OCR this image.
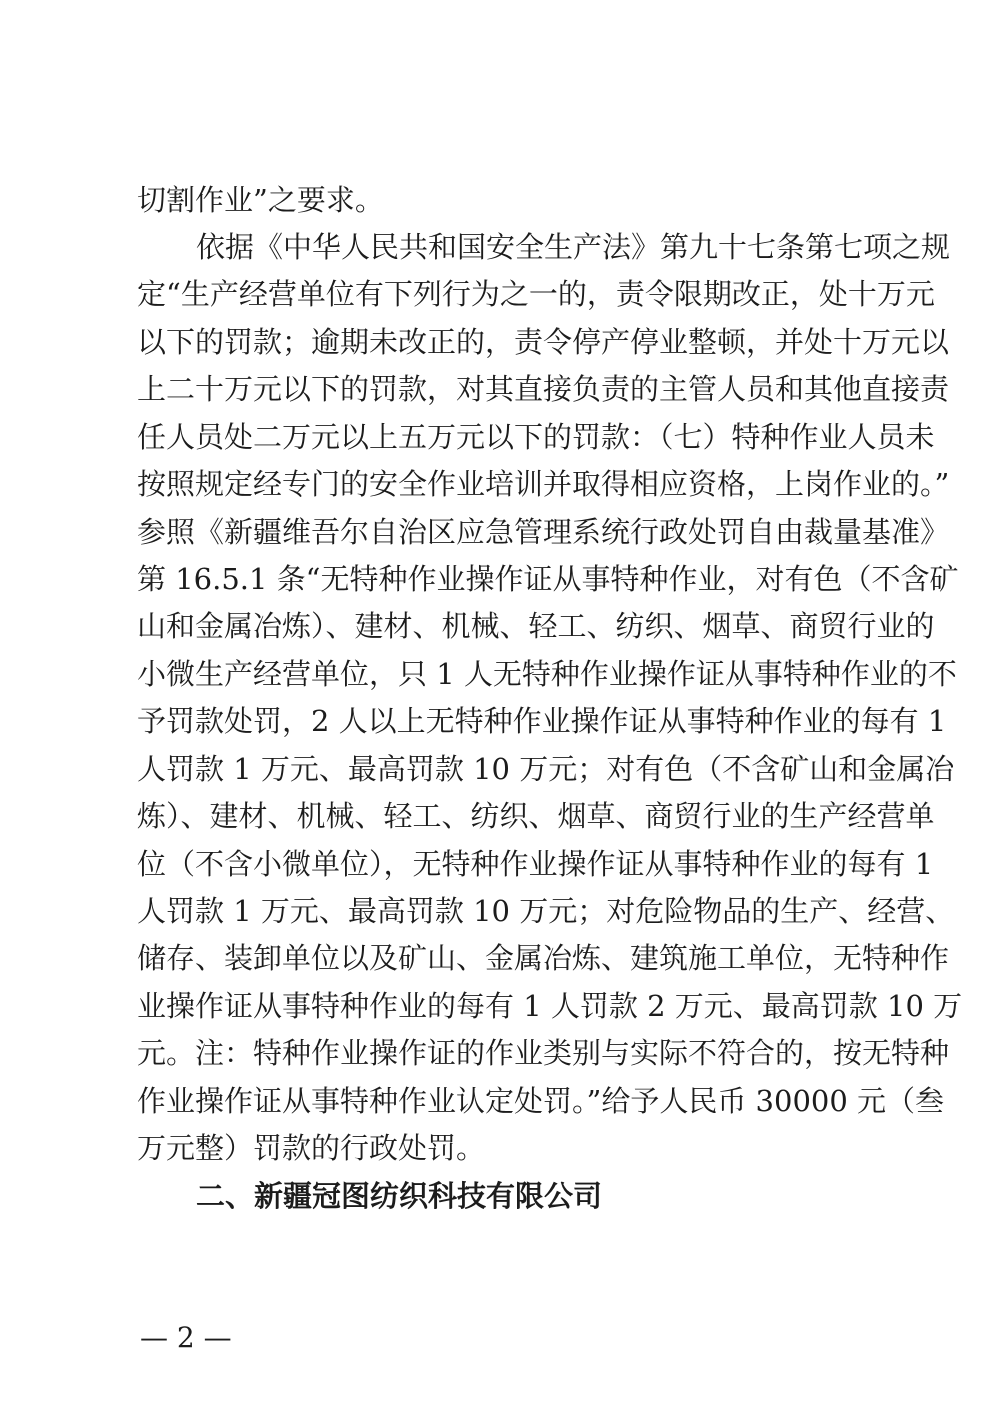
切割作业”之要求。
依据《中华人民共和国安全生产法》第九十七条第七项之规
定“生产经营单位有下列行为之一的，责令限期改正，处十万元
以下的罚款；逾期未改正的，责令停产停业整顿，并处十万元以
上二十万元以下的罚款，对其直接负责的主管人员和其他直接责
任人员处二万元以上五万元以下的罚款：（七）特种作业人员未
按照规定经专门的安全作业培训并取得相应资格，上岗作业的。”
参照《新疆维吾尔自治区应急管理系统行政处罚自由裁量基准》
第 16.5.1 条“无特种作业操作证从事特种作业，对有色（不含矿
山和金属冶炼）、建材、机械、轻工、纺织、烟草、商贸行业的
小微生产经营单位，只 1 人无特种作业操作证从事特种作业的不
予罚款处罚，2 人以上无特种作业操作证从事特种作业的每有 1
人罚款 1 万元、最高罚款 10 万元；对有色（不含矿山和金属冶
炼）、建材、机械、轻工、纺织、烟草、商贸行业的生产经营单
位（不含小微单位），无特种作业操作证从事特种作业的每有 1
人罚款 1 万元、最高罚款 10 万元；对危险物品的生产、经营、
储存、装卸单位以及矿山、金属冶炼、建筑施工单位，无特种作
业操作证从事特种作业的每有 1 人罚款 2 万元、最高罚款 10 万
元。注：特种作业操作证的作业类别与实际不符合的，按无特种
作业操作证从事特种作业认定处罚。”给予人民币 30000 元（叁
万元整）罚款的行政处罚。
二、新疆冠图纺织科技有限公司
— 2 —
